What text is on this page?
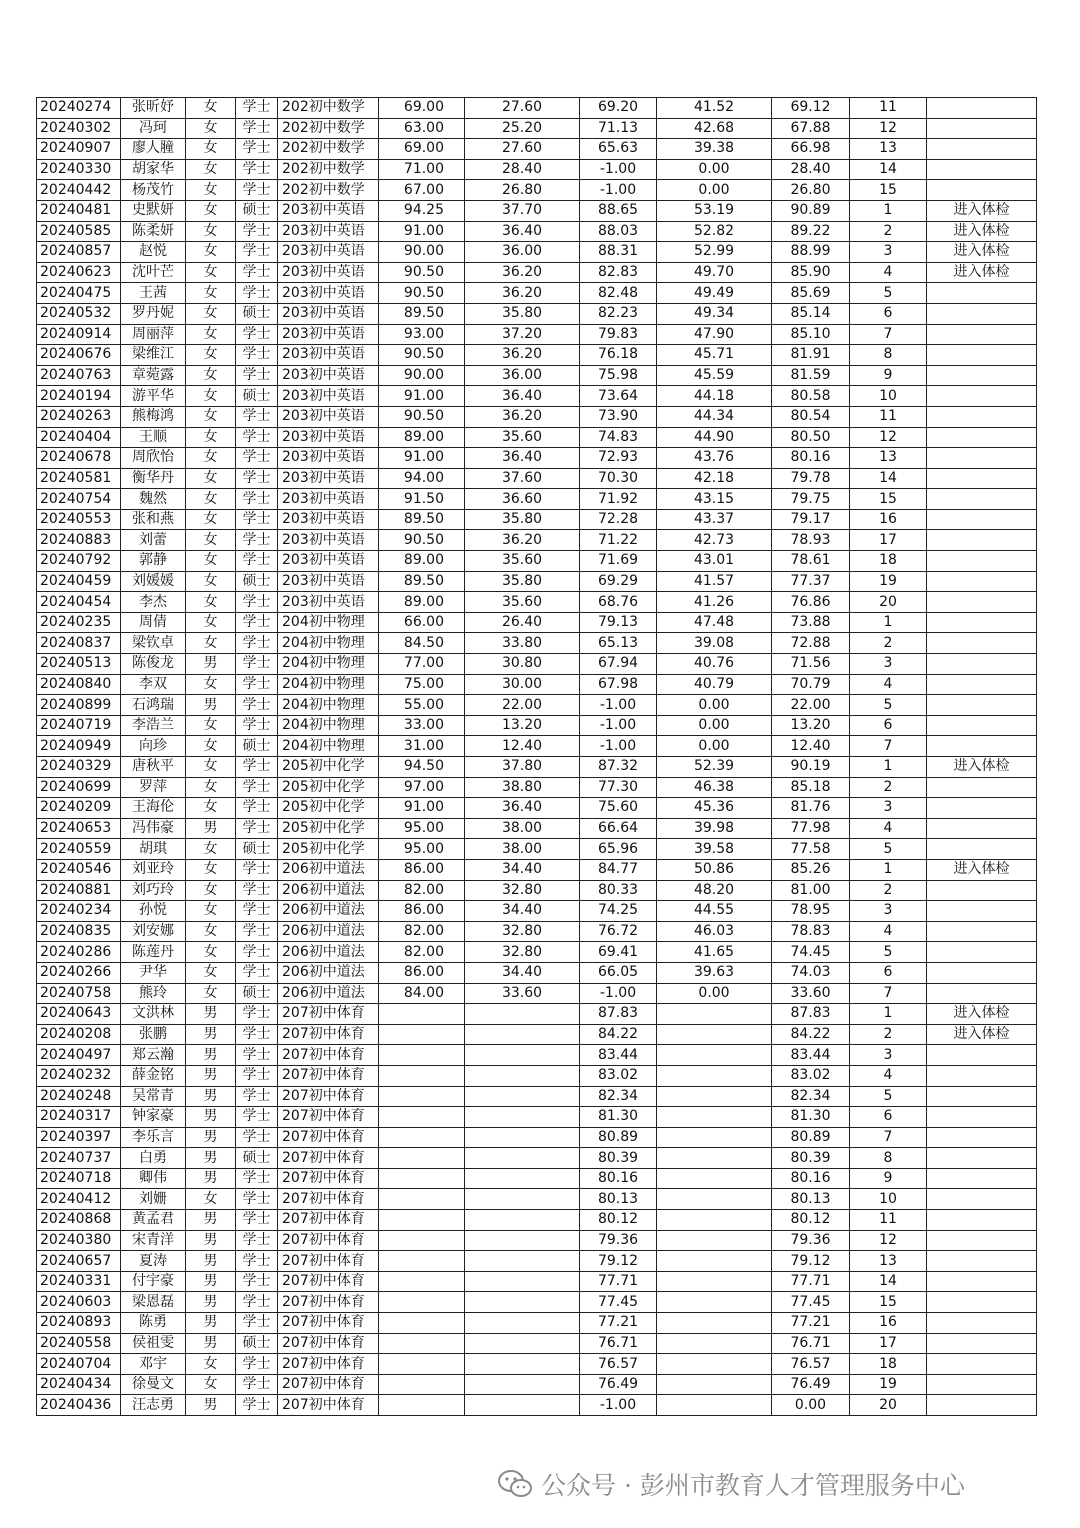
20240274	张昕妤	女	学士	202初中数学	69.00	27.60	69.20	41.52	69.12	11	
20240302	冯珂	女	学士	202初中数学	63.00	25.20	71.13	42.68	67.88	12	
20240907	廖人膧	女	学士	202初中数学	69.00	27.60	65.63	39.38	66.98	13	
20240330	胡家华	女	学士	202初中数学	71.00	28.40	-1.00	0.00	28.40	14	
20240442	杨茂竹	女	学士	202初中数学	67.00	26.80	-1.00	0.00	26.80	15	
20240481	史默妍	女	硕士	203初中英语	94.25	37.70	88.65	53.19	90.89	1	进入体检
20240585	陈柔妍	女	学士	203初中英语	91.00	36.40	88.03	52.82	89.22	2	进入体检
20240857	赵悦	女	学士	203初中英语	90.00	36.00	88.31	52.99	88.99	3	进入体检
20240623	沈叶芒	女	学士	203初中英语	90.50	36.20	82.83	49.70	85.90	4	进入体检
20240475	王茜	女	学士	203初中英语	90.50	36.20	82.48	49.49	85.69	5	
20240532	罗丹妮	女	硕士	203初中英语	89.50	35.80	82.23	49.34	85.14	6	
20240914	周丽萍	女	学士	203初中英语	93.00	37.20	79.83	47.90	85.10	7	
20240676	梁维江	女	学士	203初中英语	90.50	36.20	76.18	45.71	81.91	8	
20240763	章菀露	女	学士	203初中英语	90.00	36.00	75.98	45.59	81.59	9	
20240194	游平华	女	硕士	203初中英语	91.00	36.40	73.64	44.18	80.58	10	
20240263	熊梅鸿	女	学士	203初中英语	90.50	36.20	73.90	44.34	80.54	11	
20240404	王顺	女	学士	203初中英语	89.00	35.60	74.83	44.90	80.50	12	
20240678	周欣怡	女	学士	203初中英语	91.00	36.40	72.93	43.76	80.16	13	
20240581	衡华丹	女	学士	203初中英语	94.00	37.60	70.30	42.18	79.78	14	
20240754	魏然	女	学士	203初中英语	91.50	36.60	71.92	43.15	79.75	15	
20240553	张和燕	女	学士	203初中英语	89.50	35.80	72.28	43.37	79.17	16	
20240883	刘蕾	女	学士	203初中英语	90.50	36.20	71.22	42.73	78.93	17	
20240792	郭静	女	学士	203初中英语	89.00	35.60	71.69	43.01	78.61	18	
20240459	刘媛媛	女	硕士	203初中英语	89.50	35.80	69.29	41.57	77.37	19	
20240454	李杰	女	学士	203初中英语	89.00	35.60	68.76	41.26	76.86	20	
20240235	周倩	女	学士	204初中物理	66.00	26.40	79.13	47.48	73.88	1	
20240837	梁钦卓	女	学士	204初中物理	84.50	33.80	65.13	39.08	72.88	2	
20240513	陈俊龙	男	学士	204初中物理	77.00	30.80	67.94	40.76	71.56	3	
20240840	李双	女	学士	204初中物理	75.00	30.00	67.98	40.79	70.79	4	
20240899	石鸿瑞	男	学士	204初中物理	55.00	22.00	-1.00	0.00	22.00	5	
20240719	李浩兰	女	学士	204初中物理	33.00	13.20	-1.00	0.00	13.20	6	
20240949	向珍	女	硕士	204初中物理	31.00	12.40	-1.00	0.00	12.40	7	
20240329	唐秋平	女	学士	205初中化学	94.50	37.80	87.32	52.39	90.19	1	进入体检
20240699	罗萍	女	学士	205初中化学	97.00	38.80	77.30	46.38	85.18	2	
20240209	王海伦	女	学士	205初中化学	91.00	36.40	75.60	45.36	81.76	3	
20240653	冯伟豪	男	学士	205初中化学	95.00	38.00	66.64	39.98	77.98	4	
20240559	胡琪	女	硕士	205初中化学	95.00	38.00	65.96	39.58	77.58	5	
20240546	刘亚玲	女	学士	206初中道法	86.00	34.40	84.77	50.86	85.26	1	进入体检
20240881	刘巧玲	女	学士	206初中道法	82.00	32.80	80.33	48.20	81.00	2	
20240234	孙悦	女	学士	206初中道法	86.00	34.40	74.25	44.55	78.95	3	
20240835	刘安娜	女	学士	206初中道法	82.00	32.80	76.72	46.03	78.83	4	
20240286	陈莲丹	女	学士	206初中道法	82.00	32.80	69.41	41.65	74.45	5	
20240266	尹华	女	学士	206初中道法	86.00	34.40	66.05	39.63	74.03	6	
20240758	熊玲	女	硕士	206初中道法	84.00	33.60	-1.00	0.00	33.60	7	
20240643	文洪林	男	学士	207初中体育			87.83		87.83	1	进入体检
20240208	张鹏	男	学士	207初中体育			84.22		84.22	2	进入体检
20240497	郑云瀚	男	学士	207初中体育			83.44		83.44	3	
20240232	薛金铭	男	学士	207初中体育			83.02		83.02	4	
20240248	吴常青	男	学士	207初中体育			82.34		82.34	5	
20240317	钟家豪	男	学士	207初中体育			81.30		81.30	6	
20240397	李乐言	男	学士	207初中体育			80.89		80.89	7	
20240737	白勇	男	硕士	207初中体育			80.39		80.39	8	
20240718	卿伟	男	学士	207初中体育			80.16		80.16	9	
20240412	刘姗	女	学士	207初中体育			80.13		80.13	10	
20240868	黄孟君	男	学士	207初中体育			80.12		80.12	11	
20240380	宋青洋	男	学士	207初中体育			79.36		79.36	12	
20240657	夏涛	男	学士	207初中体育			79.12		79.12	13	
20240331	付宇豪	男	学士	207初中体育			77.71		77.71	14	
20240603	梁恩磊	男	学士	207初中体育			77.45		77.45	15	
20240893	陈勇	男	学士	207初中体育			77.21		77.21	16	
20240558	侯祖雯	男	硕士	207初中体育			76.71		76.71	17	
20240704	邓宇	女	学士	207初中体育			76.57		76.57	18	
20240434	徐曼文	女	学士	207初中体育			76.49		76.49	19	
20240436	汪志勇	男	学士	207初中体育			-1.00		0.00	20	
公众号 · 彭州市教育人才管理服务中心
